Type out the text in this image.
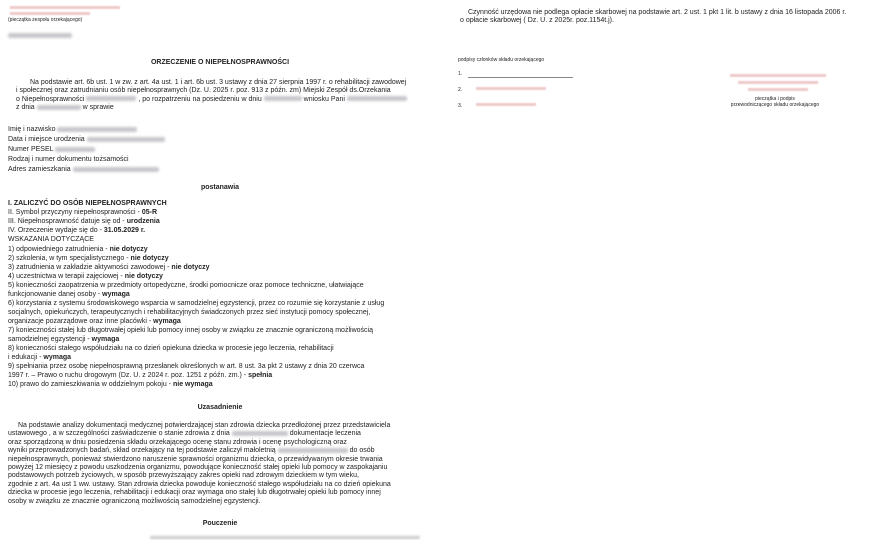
(pieczątka zespołu orzekającego)
ORZECZENIE O NIEPEŁNOSPRAWNOŚCI
Na podstawie art. 6b ust. 1 w zw. z art. 4a ust. 1 i art. 6b ust. 3 ustawy z dnia 27 sierpnia 1997 r. o rehabilitacji zawodowej
i społecznej oraz zatrudnianiu osób niepełnosprawnych (Dz. U. 2025 r. poz. 913 z późn. zm) Miejski Zespół ds.Orzekania
o Niepełnosprawności	, po rozpatrzeniu na posiedzeniu w dniu	wniosku Pani
z dnia	w sprawie
Imię i nazwisko
Data i miejsce urodzenia
Numer PESEL
Rodzaj i numer dokumentu tożsamości
Adres zamieszkania
postanawia
I. ZALICZYĆ DO OSÓB NIEPEŁNOSPRAWNYCH
II. Symbol przyczyny niepełnosprawności - 05-R
III. Niepełnosprawność datuje się od - urodzenia
IV. Orzeczenie wydaje się do - 31.05.2029 r.
WSKAZANIA DOTYCZĄCE
1) odpowiedniego zatrudnienia - nie dotyczy
2) szkolenia, w tym specjalistycznego - nie dotyczy
3) zatrudnienia w zakładzie aktywności zawodowej - nie dotyczy
4) uczestnictwa w terapii zajęciowej - nie dotyczy
5) konieczności zaopatrzenia w przedmioty ortopedyczne, środki pomocnicze oraz pomoce techniczne, ułatwiające
funkcjonowanie danej osoby - wymaga
6) korzystania z systemu środowiskowego wsparcia w samodzielnej egzystencji, przez co rozumie się korzystanie z usług
socjalnych, opiekuńczych, terapeutycznych i rehabilitacyjnych świadczonych przez sieć instytucji pomocy społecznej,
organizacje pozarządowe oraz inne placówki - wymaga
7) konieczności stałej lub długotrwałej opieki lub pomocy innej osoby w związku ze znacznie ograniczoną możliwością
samodzielnej egzystencji - wymaga
8) konieczności stałego współudziału na co dzień opiekuna dziecka w procesie jego leczenia, rehabilitacji
i edukacji - wymaga
9) spełniania przez osobę niepełnosprawną przesłanek określonych w art. 8 ust. 3a pkt 2 ustawy z dnia 20 czerwca
1997 r. – Prawo o ruchu drogowym (Dz. U. z 2024 r. poz. 1251 z późn. zm.) - spełnia
10) prawo do zamieszkiwania w oddzielnym pokoju - nie wymaga
Uzasadnienie
Na podstawie analizy dokumentacji medycznej potwierdzającej stan zdrowia dziecka przedłożonej przez przedstawiciela
ustawowego , a w szczególności zaświadczenie o stanie zdrowia z dnia	dokumentacje leczenia
oraz sporządzoną w dniu posiedzenia składu orzekającego ocenę stanu zdrowia i ocenę psychologiczną oraz
wyniki przeprowadzonych badań, skład orzekający na tej podstawie zaliczył małoletnią	do osób
niepełnosprawnych, ponieważ stwierdzono naruszenie sprawności organizmu dziecka, o przewidywanym okresie trwania
powyżej 12 miesięcy z powodu uszkodzenia organizmu, powodujące konieczność stałej opieki lub pomocy w zaspokajaniu
podstawowych potrzeb życiowych, w sposób przewyższający zakres opieki nad zdrowym dzieckiem w tym wieku,
zgodnie z art. 4a ust 1 ww. ustawy. Stan zdrowia dziecka powoduje konieczność stałego współudziału na co dzień opiekuna
dziecka w procesie jego leczenia, rehabilitacji i edukacji oraz wymaga ono stałej lub długotrwałej opieki lub pomocy innej
osoby w związku ze znacznie ograniczoną możliwością samodzielnej egzystencji.
Pouczenie
Czynność urzędowa nie podlega opłacie skarbowej na podstawie art. 2 ust. 1 pkt 1 lit. b ustawy z dnia 16 listopada 2006 r.
o opłacie skarbowej ( Dz. U. z 2025r. poz.1154t.j).
podpisy członków składu orzekającego
1.
2.
3.
pieczątka i podpis
przewodniczącego składu orzekającego
